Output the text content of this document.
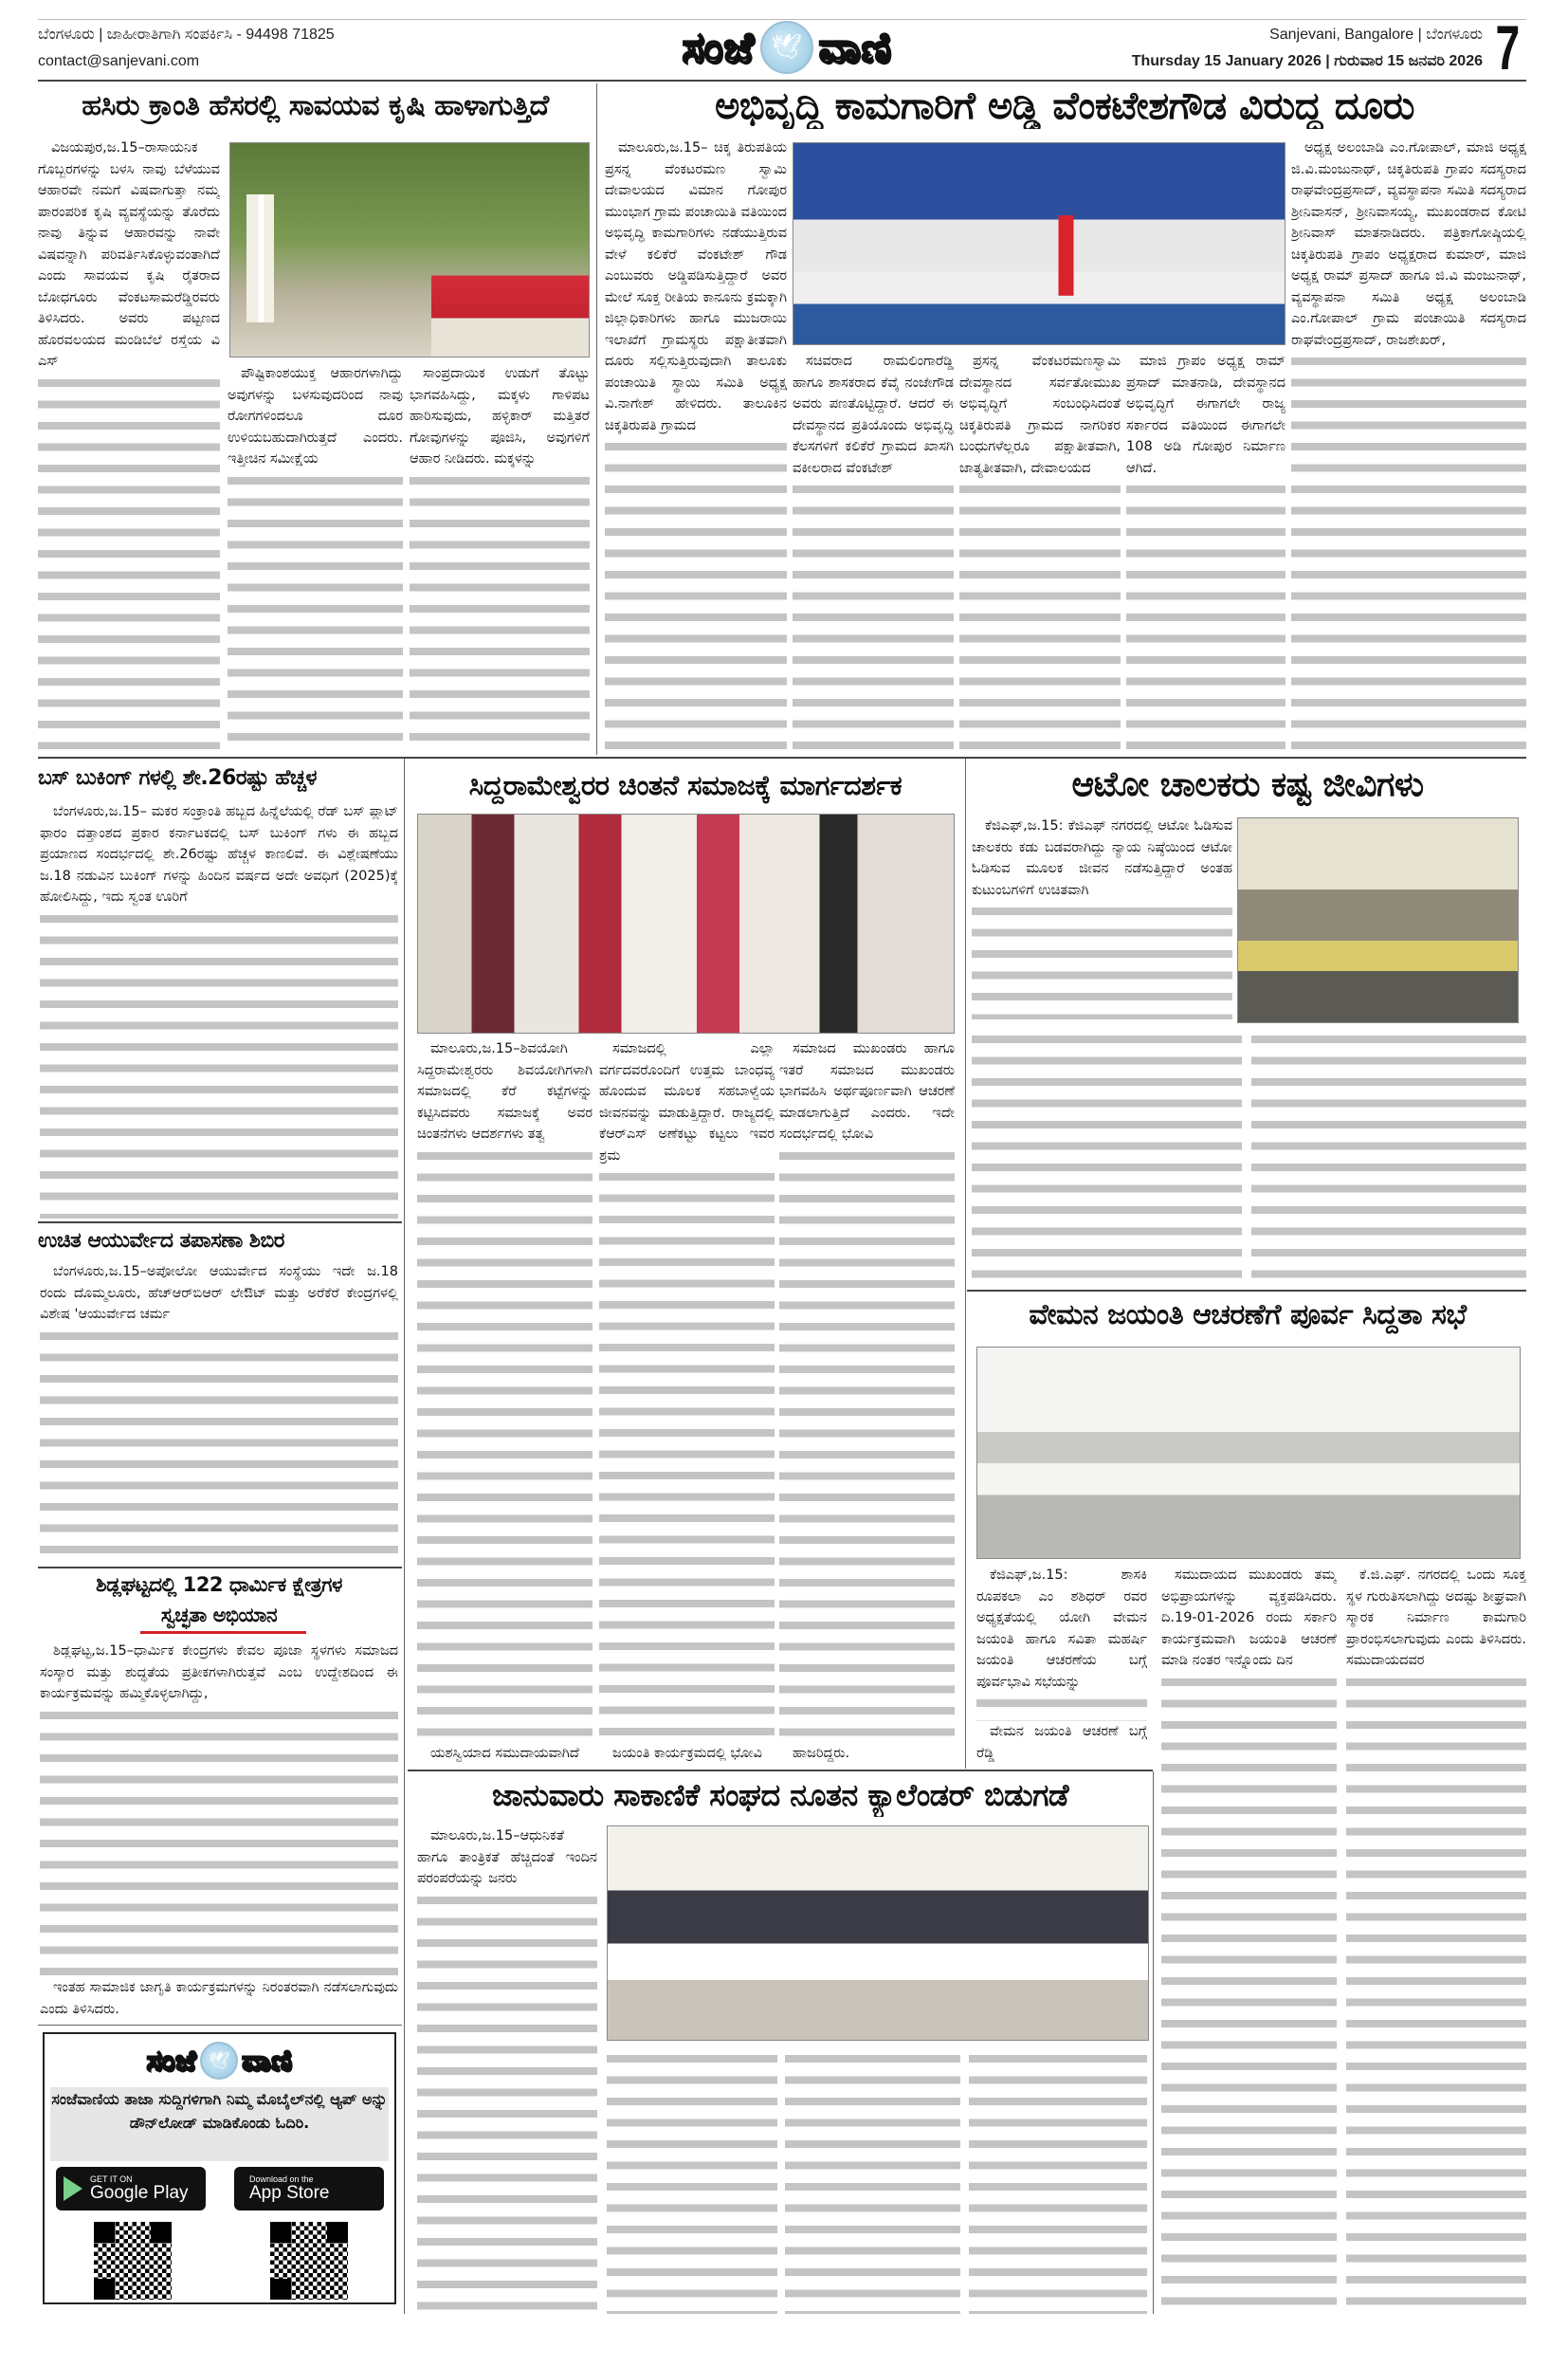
ಬೆಂಗಳೂರು | ಜಾಹೀರಾತಿಗಾಗಿ ಸಂಪರ್ಕಿಸಿ - 94498 71825
contact@sanjevani.com	ಸಂಜೆ 🕊 ವಾಣಿ	Sanjevani, Bangalore | ಬೆಂಗಳೂರು
Thursday 15 January 2026 | ಗುರುವಾರ 15 ಜನವರಿ 2026 7
ಹಸಿರು ಕ್ರಾಂತಿ ಹೆಸರಲ್ಲಿ ಸಾವಯವ ಕೃಷಿ ಹಾಳಾಗುತ್ತಿದೆ	ಅಭಿವೃದ್ಧಿ ಕಾಮಗಾರಿಗೆ ಅಡ್ಡಿ ವೆಂಕಟೇಶಗೌಡ ವಿರುದ್ಧ ದೂರು
ಬಸ್ ಬುಕಿಂಗ್ ಗಳಲ್ಲಿ ಶೇ.26ರಷ್ಟು ಹೆಚ್ಚಳ	ಸಿದ್ದರಾಮೇಶ್ವರರ ಚಿಂತನೆ ಸಮಾಜಕ್ಕೆ ಮಾರ್ಗದರ್ಶಕ	ಆಟೋ ಚಾಲಕರು ಕಷ್ಟ ಜೀವಿಗಳು
ಉಚಿತ ಆಯುರ್ವೇದ ತಪಾಸಣಾ ಶಿಬಿರ
ವೇಮನ ಜಯಂತಿ ಆಚರಣೆಗೆ ಪೂರ್ವ ಸಿದ್ದತಾ ಸಭೆ
ಶಿಡ್ಲಘಟ್ಟದಲ್ಲಿ 122 ಧಾರ್ಮಿಕ ಕ್ಷೇತ್ರಗಳ
ಸ್ವಚ್ಛತಾ ಅಭಿಯಾನ
ಜಾನುವಾರು ಸಾಕಾಣಿಕೆ ಸಂಘದ ನೂತನ ಕ್ಯಾಲೆಂಡರ್ ಬಿಡುಗಡೆ
ಸಂಜೆ 🕊 ವಾಣಿ
ಸಂಜೆವಾಣಿಯ ತಾಜಾ ಸುದ್ದಿಗಳಿಗಾಗಿ ನಿಮ್ಮ ಮೊಬೈಲ್‌ನಲ್ಲಿ ಆ್ಯಪ್ ಅನ್ನು ಡೌನ್‌ಲೋಡ್ ಮಾಡಿಕೊಂಡು ಓದಿರಿ.
GET IT ON
Google Play
Download on the
App Store

ವಿಜಯಪುರ,ಜ.15–ರಾಸಾಯನಿಕ ಗೊಬ್ಬರಗಳನ್ನು ಬಳಸಿ ನಾವು ಬೆಳೆಯುವ ಆಹಾರವೇ ನಮಗೆ ವಿಷವಾಗುತ್ತಾ ನಮ್ಮ ಪಾರಂಪರಿಕ ಕೃಷಿ ವ್ಯವಸ್ಥೆಯನ್ನು ತೊರೆದು ನಾವು ತಿನ್ನುವ ಆಹಾರವನ್ನು ನಾವೇ ವಿಷವನ್ನಾಗಿ ಪರಿವರ್ತಿಸಿಕೊಳ್ಳುವಂತಾಗಿದೆ ಎಂದು ಸಾವಯವ ಕೃಷಿ ರೈತರಾದ ಬೋಧಗೂರು ವೆಂಕಟಸಾಮರೆಡ್ಡಿರವರು ತಿಳಿಸಿದರು. ಅವರು ಪಟ್ಟಣದ ಹೊರವಲಯದ ಮಂಡಿಬೆಲೆ ರಸ್ತೆಯ ವಿ ಎಸ್

ಪೌಷ್ಟಿಕಾಂಶಯುಕ್ತ ಆಹಾರಗಳಾಗಿದ್ದು ಅವುಗಳನ್ನು ಬಳಸುವುದರಿಂದ ನಾವು ರೋಗಗಳಿಂದಲೂ ದೂರ ಉಳಿಯಬಹುದಾಗಿರುತ್ತದೆ ಎಂದರು. ಇತ್ತೀಚಿನ ಸಮೀಕ್ಷೆಯ

ಸಾಂಪ್ರದಾಯಿಕ ಉಡುಗೆ ತೊಟ್ಟು ಭಾಗವಹಿಸಿದ್ದು, ಮಕ್ಕಳು ಗಾಳಿಪಟ ಹಾರಿಸುವುದು, ಹಳ್ಳಿಕಾರ್ ಮತ್ತಿತರೆ ಗೋವುಗಳನ್ನು ಪೂಜಿಸಿ, ಅವುಗಳಿಗೆ ಆಹಾರ ನೀಡಿದರು. ಮಕ್ಕಳನ್ನು

ಮಾಲೂರು,ಜ.15– ಚಿಕ್ಕ ತಿರುಪತಿಯ ಪ್ರಸನ್ನ ವೆಂಕಟರಮಣ ಸ್ವಾಮಿ ದೇವಾಲಯದ ವಿಮಾನ ಗೋಪುರ ಮುಂಭಾಗ ಗ್ರಾಮ ಪಂಚಾಯಿತಿ ವತಿಯಿಂದ ಅಭಿವೃದ್ಧಿ ಕಾಮಗಾರಿಗಳು ನಡೆಯುತ್ತಿರುವ ವೇಳೆ ಕಲಿಕೆರೆ ವೆಂಕಟೇಶ್ ಗೌಡ ಎಂಬುವರು ಅಡ್ಡಿಪಡಿಸುತ್ತಿದ್ದಾರೆ ಅವರ ಮೇಲೆ ಸೂಕ್ತ ರೀತಿಯ ಕಾನೂನು ಕ್ರಮಕ್ಕಾಗಿ ಜಿಲ್ಲಾಧಿಕಾರಿಗಳು ಹಾಗೂ ಮುಜರಾಯಿ ಇಲಾಖೆಗೆ ಗ್ರಾಮಸ್ಥರು ಪಕ್ಷಾತೀತವಾಗಿ ದೂರು ಸಲ್ಲಿಸುತ್ತಿರುವುದಾಗಿ ತಾಲೂಕು ಪಂಚಾಯಿತಿ ಸ್ಥಾಯಿ ಸಮಿತಿ ಅಧ್ಯಕ್ಷ ವಿ.ನಾಗೇಶ್ ಹೇಳಿದರು. ತಾಲೂಕಿನ ಚಿಕ್ಕತಿರುಪತಿ ಗ್ರಾಮದ

ಸಚಿವರಾದ ರಾಮಲಿಂಗಾರೆಡ್ಡಿ ಹಾಗೂ ಶಾಸಕರಾದ ಕೆವೈ ನಂಜೇಗೌಡ ಅವರು ಪಣತೊಟ್ಟಿದ್ದಾರೆ. ಆದರೆ ಈ ದೇವಸ್ಥಾನದ ಪ್ರತಿಯೊಂದು ಅಭಿವೃದ್ಧಿ ಕೆಲಸಗಳಿಗೆ ಕಲಿಕೆರೆ ಗ್ರಾಮದ ಖಾಸಗಿ ವಕೀಲರಾದ ವೆಂಕಟೇಶ್

ಪ್ರಸನ್ನ ವೆಂಕಟರಮಣಸ್ವಾಮಿ ದೇವಸ್ಥಾನದ ಸರ್ವತೋಮುಖ ಅಭಿವೃದ್ಧಿಗೆ ಸಂಬಂಧಿಸಿದಂತೆ ಚಿಕ್ಕತಿರುಪತಿ ಗ್ರಾಮದ ನಾಗರಿಕರ ಬಂಧುಗಳೆಲ್ಲರೂ ಪಕ್ಷಾತೀತವಾಗಿ, ಜಾತ್ಯತೀತವಾಗಿ, ದೇವಾಲಯದ

ಮಾಜಿ ಗ್ರಾಪಂ ಅಧ್ಯಕ್ಷ ರಾಮ್ ಪ್ರಸಾದ್ ಮಾತನಾಡಿ, ದೇವಸ್ಥಾನದ ಅಭಿವೃದ್ಧಿಗೆ ಈಗಾಗಲೇ ರಾಜ್ಯ ಸರ್ಕಾರದ ವತಿಯಿಂದ ಈಗಾಗಲೇ 108 ಅಡಿ ಗೋಪುರ ನಿರ್ಮಾಣ ಆಗಿದೆ.

ಅಧ್ಯಕ್ಷ ಅಲಂಬಾಡಿ ಎಂ.ಗೋಪಾಲ್, ಮಾಜಿ ಅಧ್ಯಕ್ಷ ಜಿ.ವಿ.ಮಂಜುನಾಥ್, ಚಿಕ್ಕತಿರುಪತಿ ಗ್ರಾಪಂ ಸದಸ್ಯರಾದ ರಾಘವೇಂದ್ರಪ್ರಸಾದ್, ವ್ಯವಸ್ಥಾಪನಾ ಸಮಿತಿ ಸದಸ್ಯರಾದ ಶ್ರೀನಿವಾಸನ್, ಶ್ರೀನಿವಾಸಯ್ಯ, ಮುಖಂಡರಾದ ಕೋಟಿ ಶ್ರೀನಿವಾಸ್ ಮಾತನಾಡಿದರು. ಪತ್ರಿಕಾಗೋಷ್ಠಿಯಲ್ಲಿ ಚಿಕ್ಕತಿರುಪತಿ ಗ್ರಾಪಂ ಅಧ್ಯಕ್ಷರಾದ ಕುಮಾರ್, ಮಾಜಿ ಅಧ್ಯಕ್ಷ ರಾಮ್ ಪ್ರಸಾದ್ ಹಾಗೂ ಜಿ.ವಿ ಮಂಜುನಾಥ್, ವ್ಯವಸ್ಥಾಪನಾ ಸಮಿತಿ ಅಧ್ಯಕ್ಷ ಅಲಂಬಾಡಿ ಎಂ.ಗೋಪಾಲ್ ಗ್ರಾಮ ಪಂಚಾಯಿತಿ ಸದಸ್ಯರಾದ ರಾಘವೇಂದ್ರಪ್ರಸಾದ್, ರಾಜಶೇಖರ್,

ಬೆಂಗಳೂರು,ಜ.15– ಮಕರ ಸಂಕ್ರಾಂತಿ ಹಬ್ಬದ ಹಿನ್ನೆಲೆಯಲ್ಲಿ ರೆಡ್ ಬಸ್ ಪ್ಲಾಟ್ ಫಾರಂ ದತ್ತಾಂಶದ ಪ್ರಕಾರ ಕರ್ನಾಟಕದಲ್ಲಿ ಬಸ್ ಬುಕಿಂಗ್ ಗಳು ಈ ಹಬ್ಬದ ಪ್ರಯಾಣದ ಸಂದರ್ಭದಲ್ಲಿ ಶೇ.26ರಷ್ಟು ಹೆಚ್ಚಳ ಕಾಣಲಿವೆ. ಈ ವಿಶ್ಲೇಷಣೆಯು ಜ.18 ನಡುವಿನ ಬುಕಿಂಗ್ ಗಳನ್ನು ಹಿಂದಿನ ವರ್ಷದ ಅದೇ ಅವಧಿಗೆ (2025)ಕ್ಕೆ ಹೋಲಿಸಿದ್ದು, ಇದು ಸ್ವಂತ ಊರಿಗೆ

ಬೆಂಗಳೂರು,ಜ.15–ಅಪೋಲೋ ಆಯುರ್ವೇದ ಸಂಸ್ಥೆಯು ಇದೇ ಜ.18 ರಂದು ದೊಮ್ಮಲೂರು, ಹೆಚ್ಆರ್‌ಬಿಆರ್ ಲೇಔಟ್ ಮತ್ತು ಅರೆಕೆರೆ ಕೇಂದ್ರಗಳಲ್ಲಿ ವಿಶೇಷ 'ಆಯುರ್ವೇದ ಚರ್ಮ

ಶಿಡ್ಲಘಟ್ಟ,ಜ.15–ಧಾರ್ಮಿಕ ಕೇಂದ್ರಗಳು ಕೇವಲ ಪೂಜಾ ಸ್ಥಳಗಳು ಸಮಾಜದ ಸಂಸ್ಕಾರ ಮತ್ತು ಶುದ್ಧತೆಯ ಪ್ರತೀಕಗಳಾಗಿರುತ್ತವೆ ಎಂಬ ಉದ್ದೇಶದಿಂದ ಈ ಕಾರ್ಯಕ್ರಮವನ್ನು ಹಮ್ಮಿಕೊಳ್ಳಲಾಗಿದ್ದು,

ಇಂತಹ ಸಾಮಾಜಿಕ ಜಾಗೃತಿ ಕಾರ್ಯಕ್ರಮಗಳನ್ನು ನಿರಂತರವಾಗಿ ನಡೆಸಲಾಗುವುದು ಎಂದು ತಿಳಿಸಿದರು.

ಮಾಲೂರು,ಜ.15–ಶಿವಯೋಗಿ ಸಿದ್ದರಾಮೇಶ್ವರರು ಶಿವಯೋಗಿಗಳಾಗಿ ಸಮಾಜದಲ್ಲಿ ಕೆರೆ ಕಟ್ಟೆಗಳನ್ನು ಕಟ್ಟಿಸಿದವರು ಸಮಾಜಕ್ಕೆ ಅವರ ಚಿಂತನೆಗಳು ಆದರ್ಶಗಳು ತತ್ವ

ಯಶಸ್ವಿಯಾದ ಸಮುದಾಯವಾಗಿದೆ

ಸಮಾಜದಲ್ಲಿ ಎಲ್ಲಾ ವರ್ಗದವರೊಂದಿಗೆ ಉತ್ತಮ ಬಾಂಧವ್ಯ ಹೊಂದುವ ಮೂಲಕ ಸಹಬಾಳ್ವೆಯ ಜೀವನವನ್ನು ಮಾಡುತ್ತಿದ್ದಾರೆ. ರಾಜ್ಯದಲ್ಲಿ ಕೆಆರ್‌ಎಸ್ ಅಣೆಕಟ್ಟು ಕಟ್ಟಲು ಇವರ ಶ್ರಮ

ಜಯಂತಿ ಕಾರ್ಯಕ್ರಮದಲ್ಲಿ ಭೋವಿ

ಸಮಾಜದ ಮುಖಂಡರು ಹಾಗೂ ಇತರೆ ಸಮಾಜದ ಮುಖಂಡರು ಭಾಗವಹಿಸಿ ಅರ್ಥಪೂರ್ಣವಾಗಿ ಆಚರಣೆ ಮಾಡಲಾಗುತ್ತಿದೆ ಎಂದರು. ಇದೇ ಸಂದರ್ಭದಲ್ಲಿ ಭೋವಿ

ಹಾಜರಿದ್ದರು.

ಕೆಜಿಎಫ್,ಜ.15: ಕೆಜಿಎಫ್ ನಗರದಲ್ಲಿ ಆಟೋ ಓಡಿಸುವ ಚಾಲಕರು ಕಡು ಬಡವರಾಗಿದ್ದು ನ್ಯಾಯ ನಿಷ್ಠೆಯಿಂದ ಆಟೋ ಓಡಿಸುವ ಮೂಲಕ ಜೀವನ ನಡೆಸುತ್ತಿದ್ದಾರೆ ಅಂತಹ ಕುಟುಂಬಗಳಿಗೆ ಉಚಿತವಾಗಿ

ಕೆಜಿಎಫ್,ಜ.15: ಶಾಸಕಿ ರೂಪಕಲಾ ಎಂ ಶಶಿಧರ್ ರವರ ಅಧ್ಯಕ್ಷತೆಯಲ್ಲಿ ಯೋಗಿ ವೇಮನ ಜಯಂತಿ ಹಾಗೂ ಸವಿತಾ ಮಹರ್ಷಿ ಜಯಂತಿ ಆಚರಣೆಯ ಬಗ್ಗೆ ಪೂರ್ವಭಾವಿ ಸಭೆಯನ್ನು

ವೇಮನ ಜಯಂತಿ ಆಚರಣೆ ಬಗ್ಗೆ ರೆಡ್ಡಿ

ಸಮುದಾಯದ ಮುಖಂಡರು ತಮ್ಮ ಅಭಿಪ್ರಾಯಗಳನ್ನು ವ್ಯಕ್ತಪಡಿಸಿದರು. ದಿ.19-01-2026 ರಂದು ಸರ್ಕಾರಿ ಕಾರ್ಯಕ್ರಮವಾಗಿ ಜಯಂತಿ ಆಚರಣೆ ಮಾಡಿ ನಂತರ ಇನ್ನೊಂದು ದಿನ

ಕೆ.ಜಿ.ಎಫ್. ನಗರದಲ್ಲಿ ಒಂದು ಸೂಕ್ತ ಸ್ಥಳ ಗುರುತಿಸಲಾಗಿದ್ದು ಅದಷ್ಟು ಶೀಘ್ರವಾಗಿ ಸ್ಮಾರಕ ನಿರ್ಮಾಣ ಕಾಮಗಾರಿ ಪ್ರಾರಂಭಿಸಲಾಗುವುದು ಎಂದು ತಿಳಿಸಿದರು. ಸಮುದಾಯದವರ

ಮಾಲೂರು,ಜ.15–ಆಧುನಿಕತೆ ಹಾಗೂ ತಾಂತ್ರಿಕತೆ ಹೆಚ್ಚಿದಂತೆ ಇಂದಿನ ಪರಂಪರೆಯನ್ನು ಜನರು
